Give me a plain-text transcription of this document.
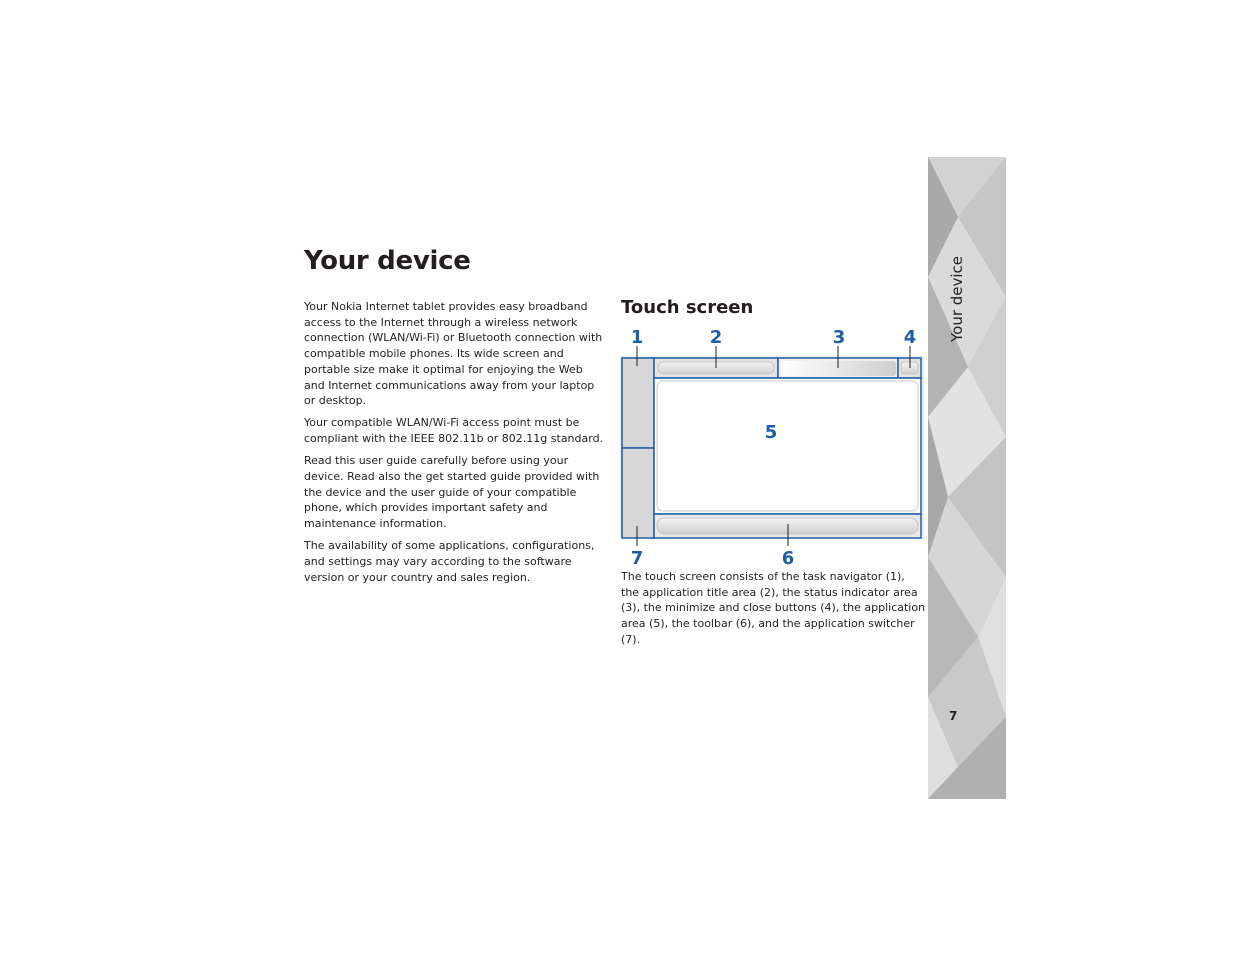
Your device

Your Nokia Internet tablet provides easy broadband access to the Internet through a wireless network connection (WLAN/Wi-Fi) or Bluetooth connection with compatible mobile phones. Its wide screen and portable size make it optimal for enjoying the Web and Internet communications away from your laptop or desktop.

Your compatible WLAN/Wi-Fi access point must be compliant with the IEEE 802.11b or 802.11g standard.

Read this user guide carefully before using your device. Read also the get started guide provided with the device and the user guide of your compatible phone, which provides important safety and maintenance information.

The availability of some applications, configurations, and settings may vary according to the software version or your country and sales region.

Touch screen
1	2	3	4
5
7	6

The touch screen consists of the task navigator (1), the application title area (2), the status indicator area (3), the minimize and close buttons (4), the application area (5), the toolbar (6), and the application switcher (7).

Your device
7
